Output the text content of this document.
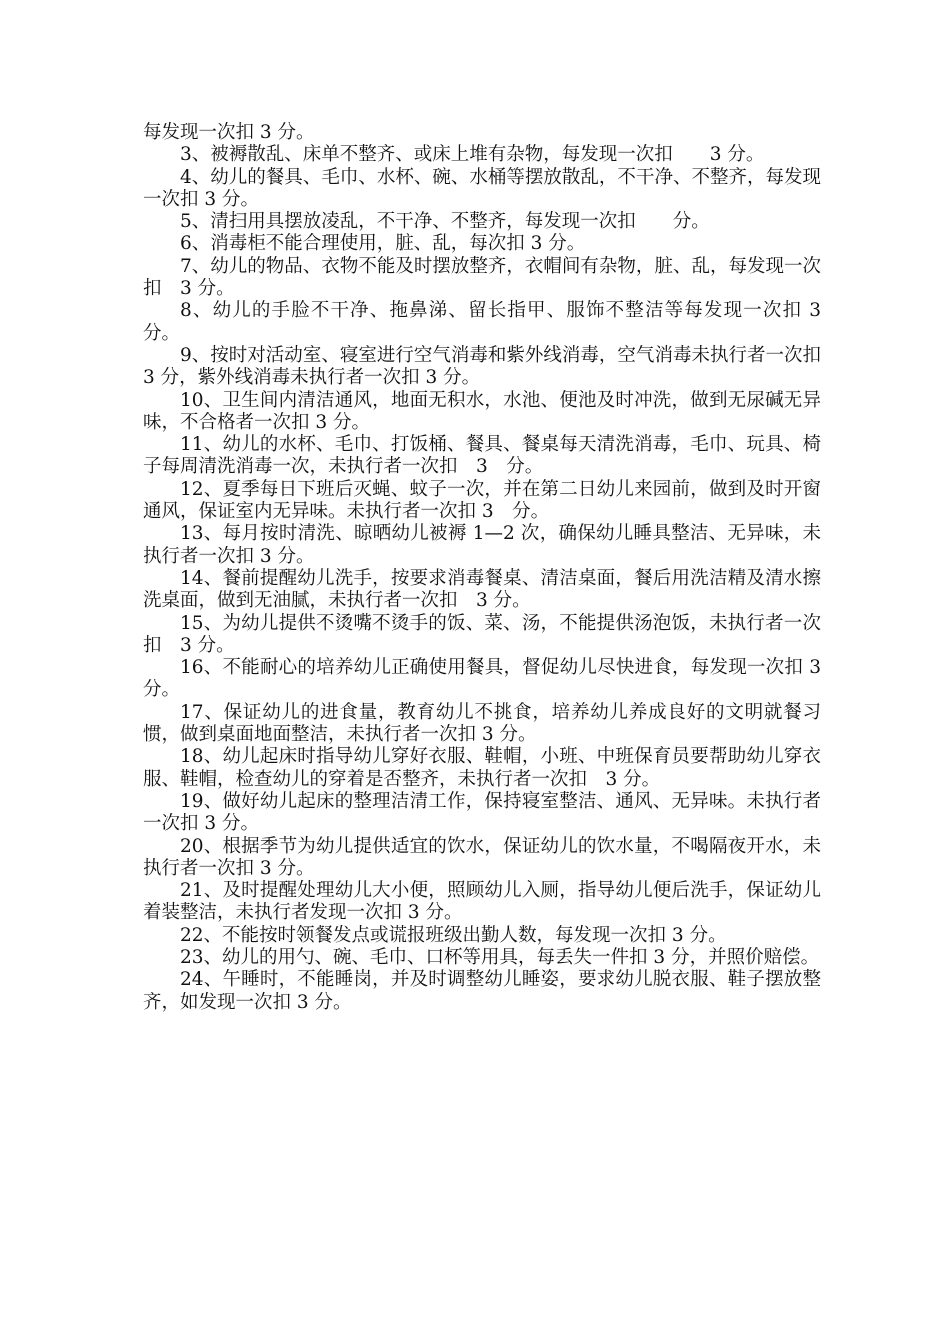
每发现一次扣 3 分。

3、被褥散乱、床单不整齐、或床上堆有杂物，每发现一次扣　　3 分。

4、幼儿的餐具、毛巾、水杯、碗、水桶等摆放散乱，不干净、不整齐，每发现一次扣 3 分。

5、清扫用具摆放凌乱，不干净、不整齐，每发现一次扣　　分。

6、消毒柜不能合理使用，脏、乱，每次扣 3 分。

7、幼儿的物品、衣物不能及时摆放整齐，衣帽间有杂物，脏、乱，每发现一次扣　3 分。

8、幼儿的手脸不干净、拖鼻涕、留长指甲、服饰不整洁等每发现一次扣 3　分。

9、按时对活动室、寝室进行空气消毒和紫外线消毒，空气消毒未执行者一次扣　3 分，紫外线消毒未执行者一次扣 3 分。

10、卫生间内清洁通风，地面无积水，水池、便池及时冲洗，做到无尿碱无异味，不合格者一次扣 3 分。

11、幼儿的水杯、毛巾、打饭桶、餐具、餐桌每天清洗消毒，毛巾、玩具、椅子每周清洗消毒一次，未执行者一次扣　3　分。

12、夏季每日下班后灭蝇、蚊子一次，并在第二日幼儿来园前，做到及时开窗通风，保证室内无异味。未执行者一次扣 3　分。

13、每月按时清洗、晾晒幼儿被褥 1—2 次，确保幼儿睡具整洁、无异味，未执行者一次扣 3 分。

14、餐前提醒幼儿洗手，按要求消毒餐桌、清洁桌面，餐后用洗洁精及清水擦洗桌面，做到无油腻，未执行者一次扣　3 分。

15、为幼儿提供不烫嘴不烫手的饭、菜、汤，不能提供汤泡饭，未执行者一次扣　3 分。

16、不能耐心的培养幼儿正确使用餐具，督促幼儿尽快进食，每发现一次扣 3 分。

17、保证幼儿的进食量，教育幼儿不挑食，培养幼儿养成良好的文明就餐习惯，做到桌面地面整洁，未执行者一次扣 3 分。

18、幼儿起床时指导幼儿穿好衣服、鞋帽，小班、中班保育员要帮助幼儿穿衣服、鞋帽，检查幼儿的穿着是否整齐，未执行者一次扣　3 分。

19、做好幼儿起床的整理洁清工作，保持寝室整洁、通风、无异味。未执行者一次扣 3 分。

20、根据季节为幼儿提供适宜的饮水，保证幼儿的饮水量，不喝隔夜开水，未执行者一次扣 3 分。

21、及时提醒处理幼儿大小便，照顾幼儿入厕，指导幼儿便后洗手，保证幼儿着装整洁，未执行者发现一次扣 3 分。

22、不能按时领餐发点或谎报班级出勤人数，每发现一次扣 3 分。

23、幼儿的用勺、碗、毛巾、口杯等用具，每丢失一件扣 3 分，并照价赔偿。

24、午睡时，不能睡岗，并及时调整幼儿睡姿，要求幼儿脱衣服、鞋子摆放整齐，如发现一次扣 3 分。
